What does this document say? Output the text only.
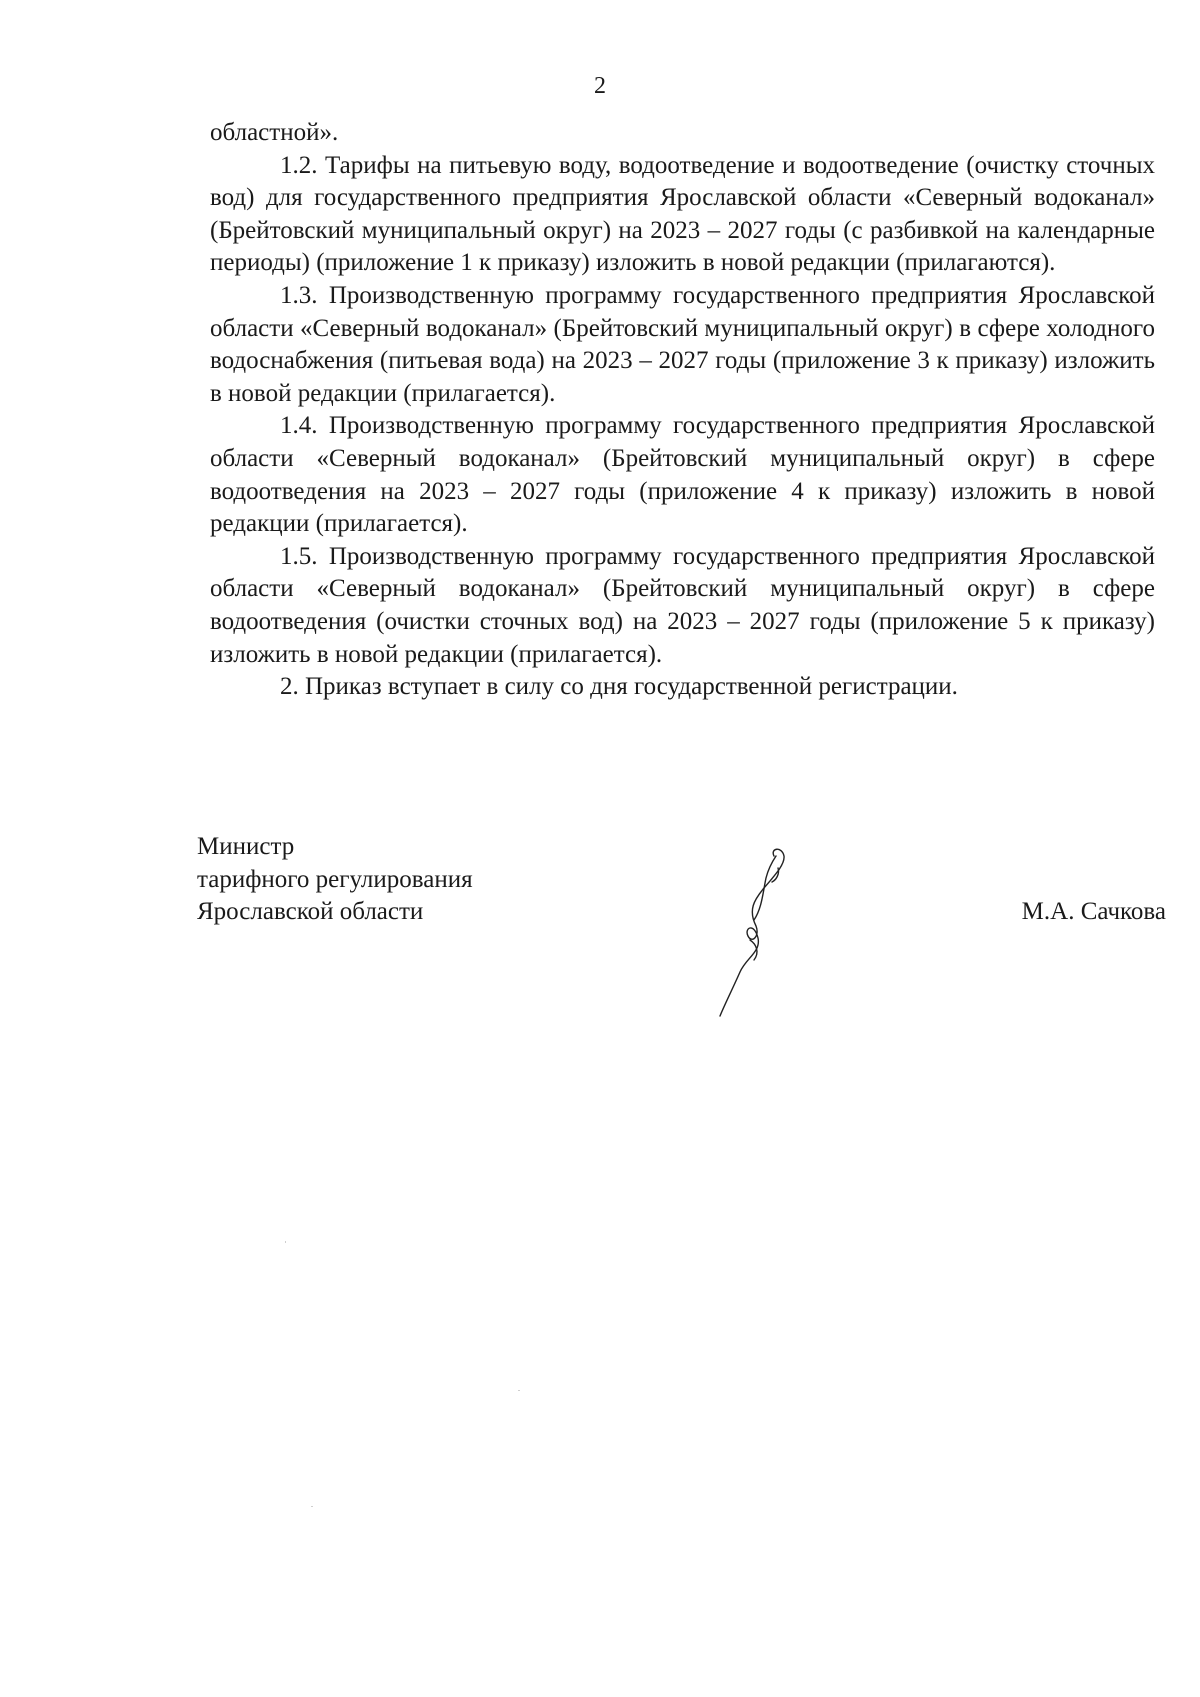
2

областной».

1.2. Тарифы на питьевую воду, водоотведение и водоотведение (очистку сточных вод) для государственного предприятия Ярославской области «Северный водоканал» (Брейтовский муниципальный округ) на 2023 – 2027 годы (с разбивкой на календарные периоды) (приложение 1 к приказу) изложить в новой редакции (прилагаются).

1.3. Производственную программу государственного предприятия Ярославской области «Северный водоканал» (Брейтовский муниципальный округ) в сфере холодного водоснабжения (питьевая вода) на 2023 – 2027 годы (приложение 3 к приказу) изложить в новой редакции (прилагается).

1.4. Производственную программу государственного предприятия Ярославской области «Северный водоканал» (Брейтовский муниципальный округ) в сфере водоотведения на 2023 – 2027 годы (приложение 4 к приказу) изложить в новой редакции (прилагается).

1.5. Производственную программу государственного предприятия Ярославской области «Северный водоканал» (Брейтовский муниципальный округ) в сфере водоотведения (очистки сточных вод) на 2023 – 2027 годы (приложение 5 к приказу) изложить в новой редакции (прилагается).

2. Приказ вступает в силу со дня государственной регистрации.

Министр
тарифного регулирования
Ярославской области	М.А. Сачкова
